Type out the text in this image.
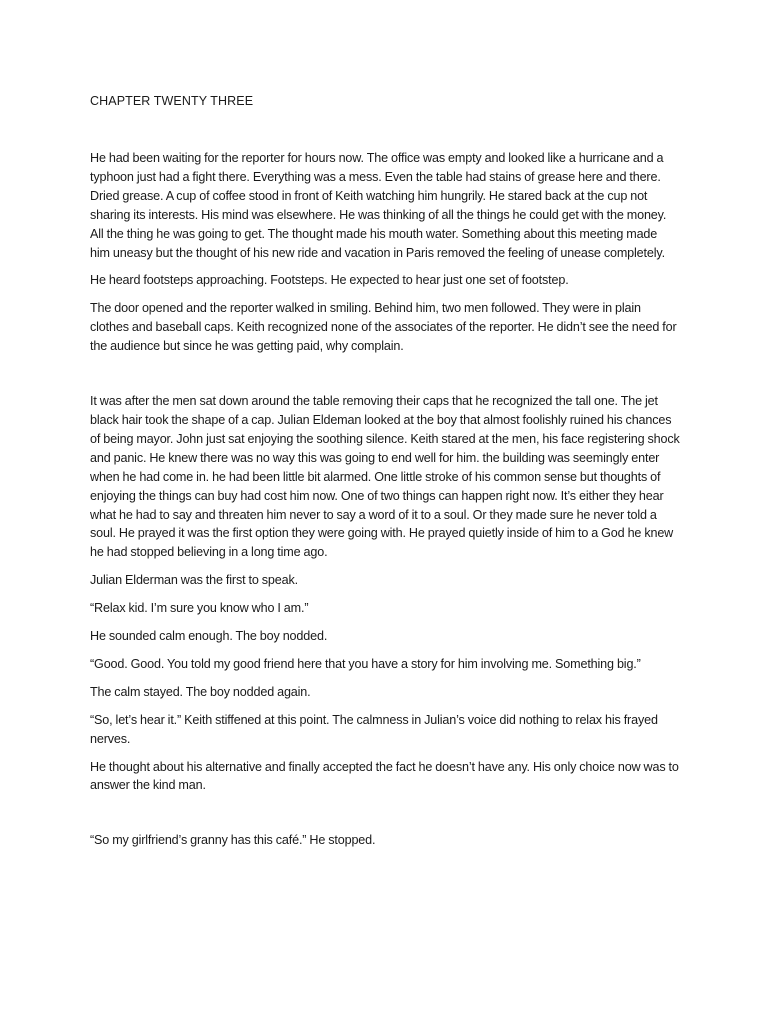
CHAPTER TWENTY THREE

He had been waiting for the reporter for hours now. The office was empty and looked like a hurricane and a typhoon just had a fight there. Everything was a mess. Even the table had stains of grease here and there. Dried grease. A cup of coffee stood in front of Keith watching him hungrily. He stared back at the cup not sharing its interests. His mind was elsewhere. He was thinking of all the things he could get with the money. All the thing he was going to get. The thought made his mouth water. Something about this meeting made him uneasy but the thought of his new ride and vacation in Paris removed the feeling of unease completely.

He heard footsteps approaching. Footsteps. He expected to hear just one set of footstep.

The door opened and the reporter walked in smiling. Behind him, two men followed. They were in plain clothes and baseball caps. Keith recognized none of the associates of the reporter. He didn’t see the need for the audience but since he was getting paid, why complain.

It was after the men sat down around the table removing their caps that he recognized the tall one. The jet black hair took the shape of a cap. Julian Eldeman looked at the boy that almost foolishly ruined his chances of being mayor. John just sat enjoying the soothing silence. Keith stared at the men, his face registering shock and panic. He knew there was no way this was going to end well for him. the building was seemingly enter when he had come in. he had been little bit alarmed. One little stroke of his common sense but thoughts of enjoying the things can buy had cost him now. One of two things can happen right now. It’s either they hear what he had to say and threaten him never to say a word of it to a soul. Or they made sure he never told a soul. He prayed it was the first option they were going with. He prayed quietly inside of him to a God he knew he had stopped believing in a long time ago.

Julian Elderman was the first to speak.

“Relax kid. I’m sure you know who I am.”

He sounded calm enough. The boy nodded.

“Good. Good. You told my good friend here that you have a story for him involving me. Something big.”

The calm stayed. The boy nodded again.

“So, let’s hear it.” Keith stiffened at this point. The calmness in Julian’s voice did nothing to relax his frayed nerves.

He thought about his alternative and finally accepted the fact he doesn’t have any. His only choice now was to answer the kind man.

“So my girlfriend’s granny has this café.” He stopped.
